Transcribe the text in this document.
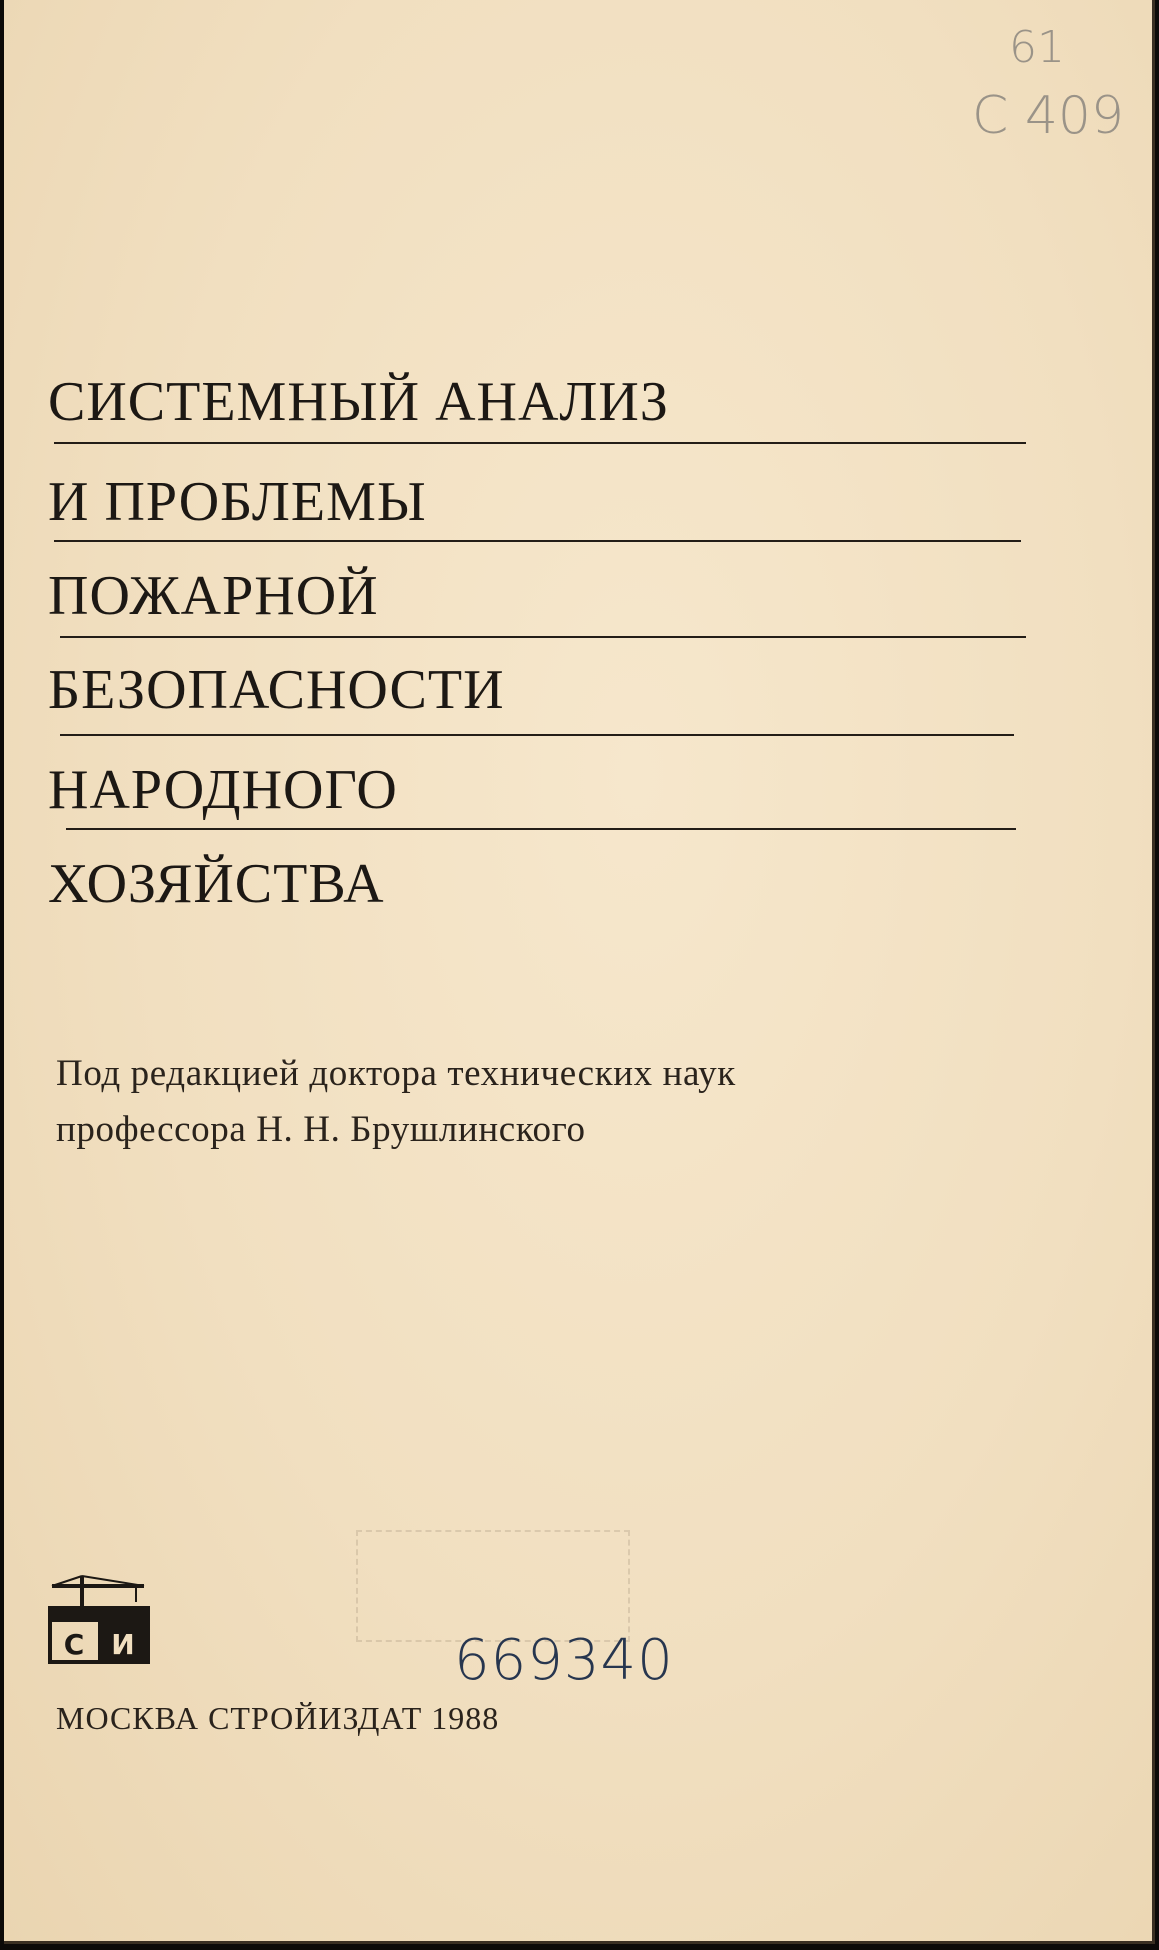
61
С 409
СИСТЕМНЫЙ АНАЛИЗ
И ПРОБЛЕМЫ
ПОЖАРНОЙ
БЕЗОПАСНОСТИ
НАРОДНОГО
ХОЗЯЙСТВА
Под редакцией доктора технических наук
профессора Н. Н. Брушлинского
С И	669340
МОСКВА СТРОЙИЗДАТ 1988
